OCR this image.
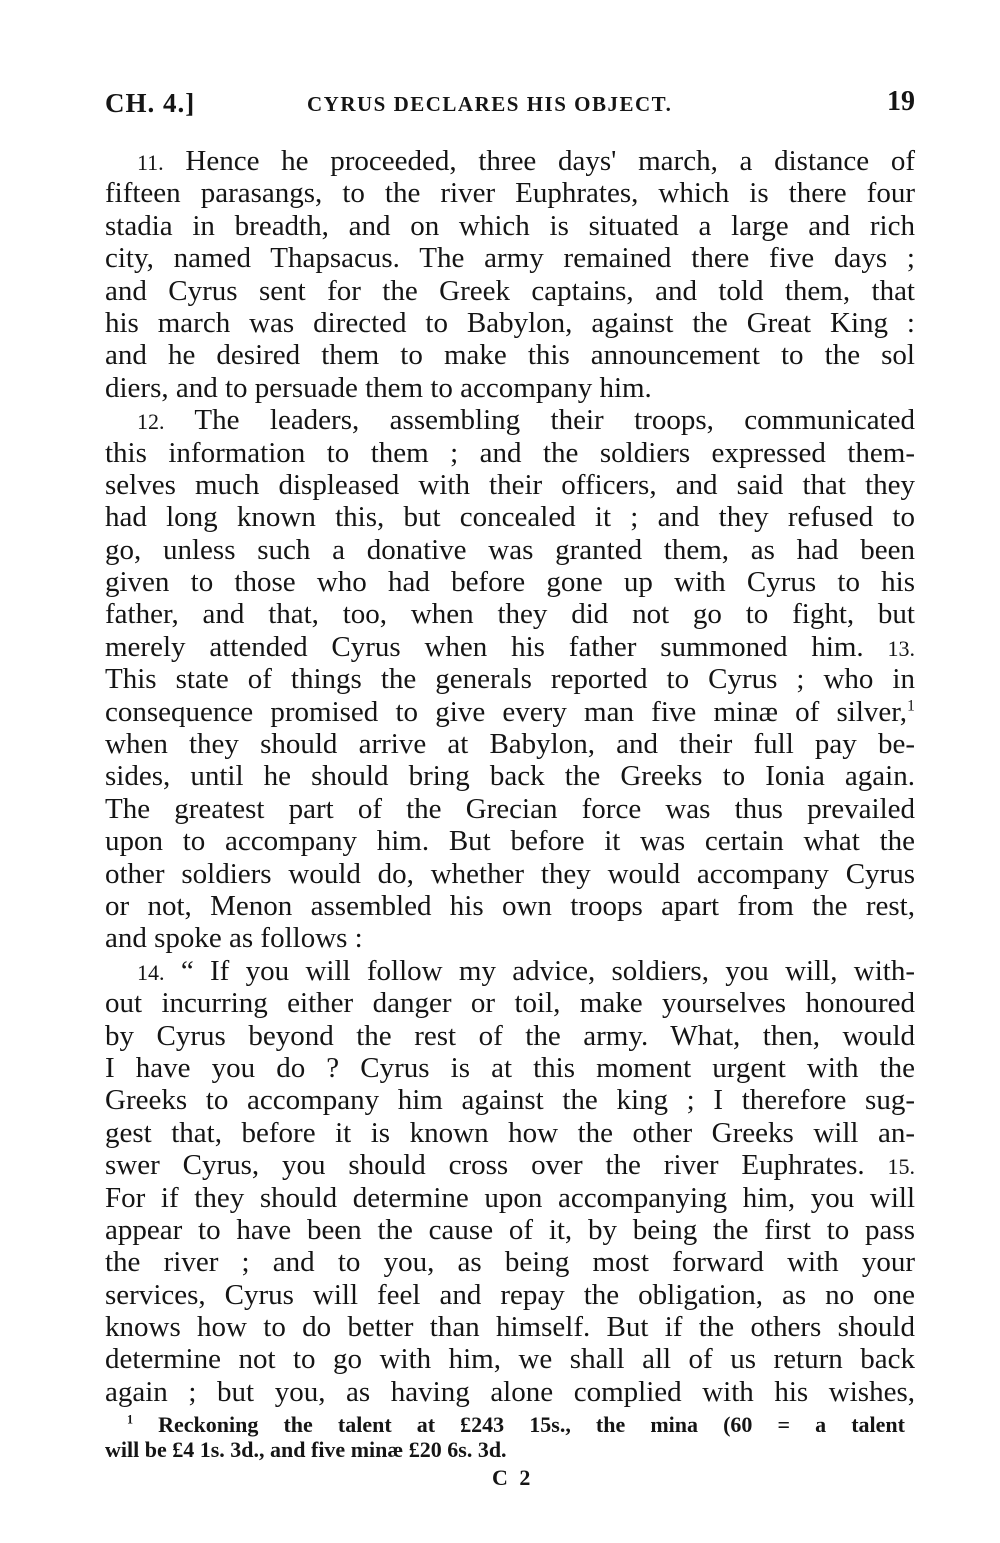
CH. 4.]	CYRUS DECLARES HIS OBJECT.	19
11. Hence he proceeded, three days' march, a distance of
fifteen parasangs, to the river Euphrates, which is there four
stadia in breadth, and on which is situated a large and rich
city, named Thapsacus. The army remained there five days ;
and Cyrus sent for the Greek captains, and told them, that
his march was directed to Babylon, against the Great King :
and he desired them to make this announcement to the sol
diers, and to persuade them to accompany him.
12. The leaders, assembling their troops, communicated
this information to them ; and the soldiers expressed them-
selves much displeased with their officers, and said that they
had long known this, but concealed it ; and they refused to
go, unless such a donative was granted them, as had been
given to those who had before gone up with Cyrus to his
father, and that, too, when they did not go to fight, but
merely attended Cyrus when his father summoned him. 13.
This state of things the generals reported to Cyrus ; who in
consequence promised to give every man five minæ of silver,$^1$
when they should arrive at Babylon, and their full pay be-
sides, until he should bring back the Greeks to Ionia again.
The greatest part of the Grecian force was thus prevailed
upon to accompany him. But before it was certain what the
other soldiers would do, whether they would accompany Cyrus
or not, Menon assembled his own troops apart from the rest,
and spoke as follows :
14. “ If you will follow my advice, soldiers, you will, with-
out incurring either danger or toil, make yourselves honoured
by Cyrus beyond the rest of the army. What, then, would
I have you do ? Cyrus is at this moment urgent with the
Greeks to accompany him against the king ; I therefore sug-
gest that, before it is known how the other Greeks will an-
swer Cyrus, you should cross over the river Euphrates. 15.
For if they should determine upon accompanying him, you will
appear to have been the cause of it, by being the first to pass
the river ; and to you, as being most forward with your
services, Cyrus will feel and repay the obligation, as no one
knows how to do better than himself. But if the others should
determine not to go with him, we shall all of us return back
again ; but you, as having alone complied with his wishes,
$^1$ Reckoning the talent at £243 15s., the mina (60 = a talent
will be £4 1s. 3d., and five minæ £20 6s. 3d.
C 2
